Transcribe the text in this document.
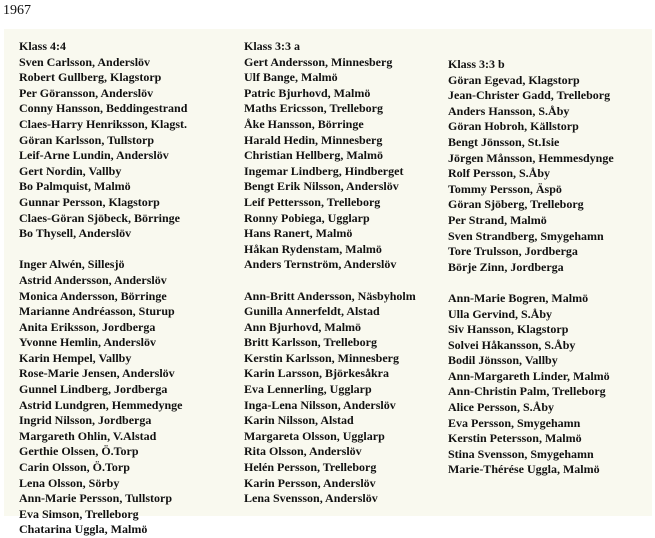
1967
Klass 4:4
Sven Carlsson, Anderslöv
Robert Gullberg, Klagstorp
Per Göransson, Anderslöv
Conny Hansson, Beddingestrand
Claes-Harry Henriksson, Klagst.
Göran Karlsson, Tullstorp
Leif-Arne Lundin, Anderslöv
Gert Nordin, Vallby
Bo Palmquist, Malmö
Gunnar Persson, Klagstorp
Claes-Göran Sjöbeck, Börringe
Bo Thysell, Anderslöv
Inger Alwén, Sillesjö
Astrid Andersson, Anderslöv
Monica Andersson, Börringe
Marianne Andréasson, Sturup
Anita Eriksson, Jordberga
Yvonne Hemlin, Anderslöv
Karin Hempel, Vallby
Rose-Marie Jensen, Anderslöv
Gunnel Lindberg, Jordberga
Astrid Lundgren, Hemmedynge
Ingrid Nilsson, Jordberga
Margareth Ohlin, V.Alstad
Gerthie Olssen, Ö.Torp
Carin Olsson, Ö.Torp
Lena Olsson, Sörby
Ann-Marie Persson, Tullstorp
Eva Simson, Trelleborg
Chatarina Uggla, Malmö
Klass 3:3 a
Gert Andersson, Minnesberg
Ulf Bange, Malmö
Patric Bjurhovd, Malmö
Maths Ericsson, Trelleborg
Åke Hansson, Börringe
Harald Hedin, Minnesberg
Christian Hellberg, Malmö
Ingemar Lindberg, Hindberget
Bengt Erik Nilsson, Anderslöv
Leif Pettersson, Trelleborg
Ronny Pobiega, Ugglarp
Hans Ranert, Malmö
Håkan Rydenstam, Malmö
Anders Ternström, Anderslöv
Ann-Britt Andersson, Näsbyholm
Gunilla Annerfeldt, Alstad
Ann Bjurhovd, Malmö
Britt Karlsson, Trelleborg
Kerstin Karlsson, Minnesberg
Karin Larsson, Björkesåkra
Eva Lennerling, Ugglarp
Inga-Lena Nilsson, Anderslöv
Karin Nilsson, Alstad
Margareta Olsson, Ugglarp
Rita Olsson, Anderslöv
Helén Persson, Trelleborg
Karin Persson, Anderslöv
Lena Svensson, Anderslöv
Klass 3:3 b
Göran Egevad, Klagstorp
Jean-Christer Gadd, Trelleborg
Anders Hansson, S.Åby
Göran Hobroh, Källstorp
Bengt Jönsson, St.Isie
Jörgen Månsson, Hemmesdynge
Rolf Persson, S.Åby
Tommy Persson, Äspö
Göran Sjöberg, Trelleborg
Per Strand, Malmö
Sven Strandberg, Smygehamn
Tore Trulsson, Jordberga
Börje Zinn, Jordberga
Ann-Marie Bogren, Malmö
Ulla Gervind, S.Åby
Siv Hansson, Klagstorp
Solvei Håkansson, S.Åby
Bodil Jönsson, Vallby
Ann-Margareth Linder, Malmö
Ann-Christin Palm, Trelleborg
Alice Persson, S.Åby
Eva Persson, Smygehamn
Kerstin Petersson, Malmö
Stina Svensson, Smygehamn
Marie-Thérése Uggla, Malmö
